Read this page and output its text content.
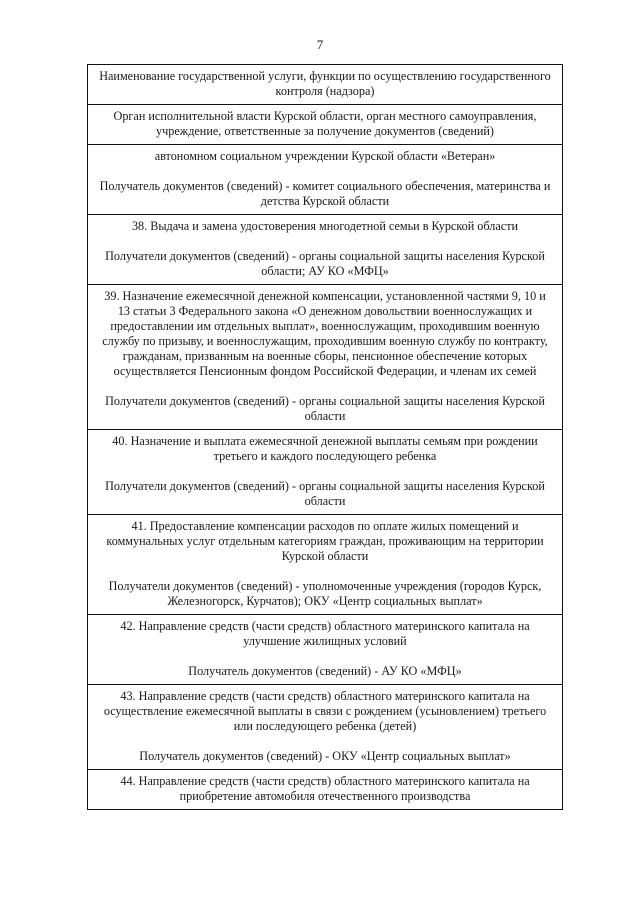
7
Наименование государственной услуги, функции по осуществлению государственного контроля (надзора)
Орган исполнительной власти Курской области, орган местного самоуправления, учреждение, ответственные за получение документов (сведений)

автономном социальном учреждении Курской области «Ветеран»

Получатель документов (сведений) - комитет социального обеспечения, материнства и детства Курской области

38. Выдача и замена удостоверения многодетной семьи в Курской области

Получатели документов (сведений) - органы социальной защиты населения Курской области; АУ КО «МФЦ»

39. Назначение ежемесячной денежной компенсации, установленной частями 9, 10 и 13 статьи 3 Федерального закона «О денежном довольствии военнослужащих и предоставлении им отдельных выплат», военнослужащим, проходившим военную службу по призыву, и военнослужащим, проходившим военную службу по контракту, гражданам, призванным на военные сборы, пенсионное обеспечение которых осуществляется Пенсионным фондом Российской Федерации, и членам их семей

Получатели документов (сведений) - органы социальной защиты населения Курской области

40. Назначение и выплата ежемесячной денежной выплаты семьям при рождении третьего и каждого последующего ребенка

Получатели документов (сведений) - органы социальной защиты населения Курской области

41. Предоставление компенсации расходов по оплате жилых помещений и коммунальных услуг отдельным категориям граждан, проживающим на территории Курской области

Получатели документов (сведений) - уполномоченные учреждения (городов Курск, Железногорск, Курчатов); ОКУ «Центр социальных выплат»

42. Направление средств (части средств) областного материнского капитала на улучшение жилищных условий

Получатель документов (сведений) - АУ КО «МФЦ»

43. Направление средств (части средств) областного материнского капитала на осуществление ежемесячной выплаты в связи с рождением (усыновлением) третьего или последующего ребенка (детей)

Получатель документов (сведений) - ОКУ «Центр социальных выплат»

44. Направление средств (части средств) областного материнского капитала на приобретение автомобиля отечественного производства
